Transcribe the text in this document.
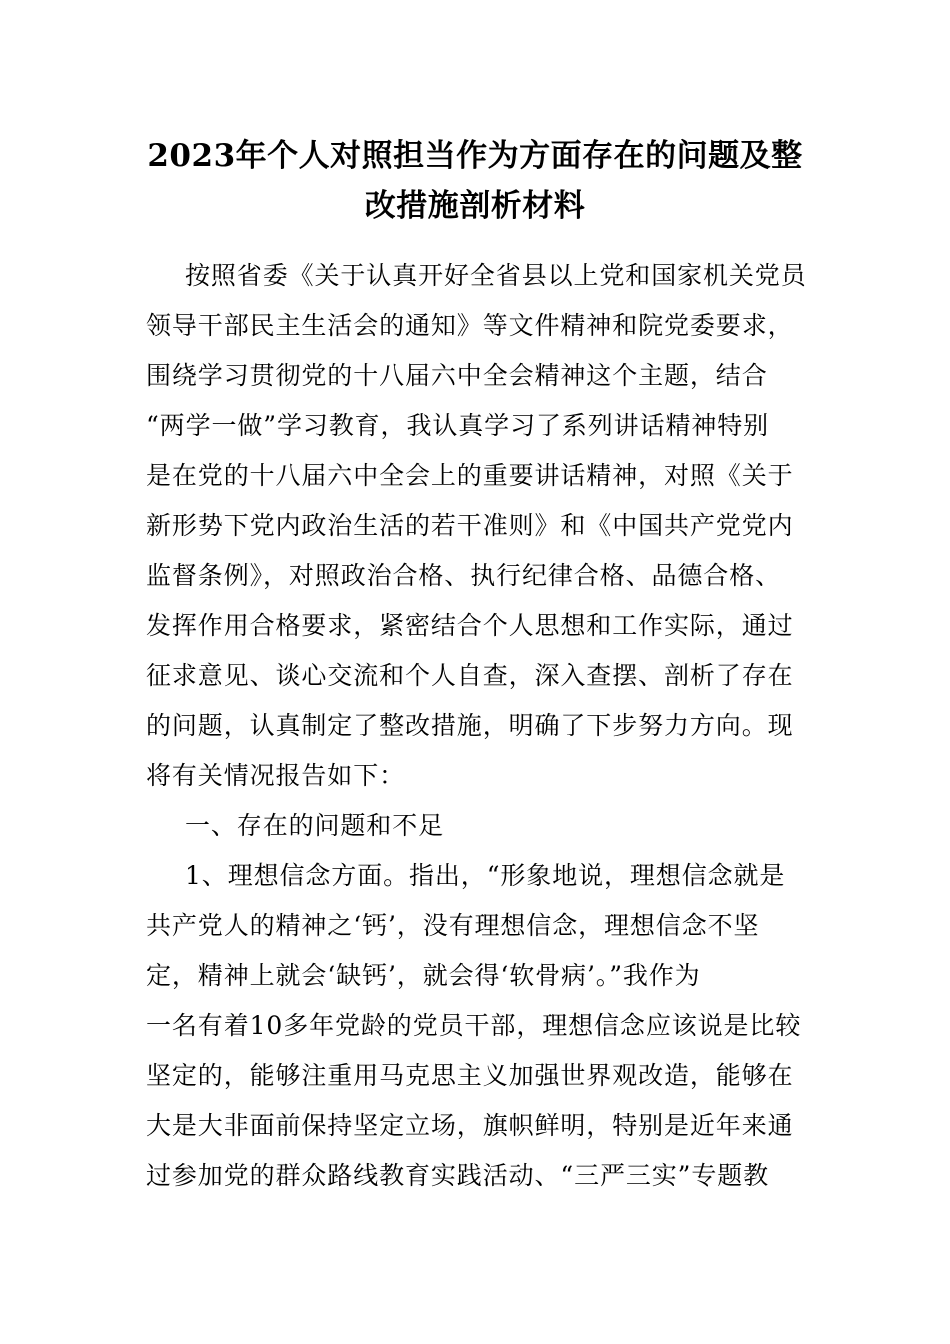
2023年个人对照担当作为方面存在的问题及整
改措施剖析材料
按照省委《关于认真开好全省县以上党和国家机关党员
领导干部民主生活会的通知》等文件精神和院党委要求，
围绕学习贯彻党的十八届六中全会精神这个主题，结合
“两学一做”学习教育，我认真学习了系列讲话精神特别
是在党的十八届六中全会上的重要讲话精神，对照《关于
新形势下党内政治生活的若干准则》和《中国共产党党内
监督条例》，对照政治合格、执行纪律合格、品德合格、
发挥作用合格要求，紧密结合个人思想和工作实际，通过
征求意见、谈心交流和个人自查，深入查摆、剖析了存在
的问题，认真制定了整改措施，明确了下步努力方向。现
将有关情况报告如下：
一、存在的问题和不足
1、理想信念方面。指出，“形象地说，理想信念就是
共产党人的精神之‘钙’，没有理想信念，理想信念不坚
定，精神上就会‘缺钙’，就会得‘软骨病’。”我作为
一名有着10多年党龄的党员干部，理想信念应该说是比较
坚定的，能够注重用马克思主义加强世界观改造，能够在
大是大非面前保持坚定立场，旗帜鲜明，特别是近年来通
过参加党的群众路线教育实践活动、“三严三实”专题教
